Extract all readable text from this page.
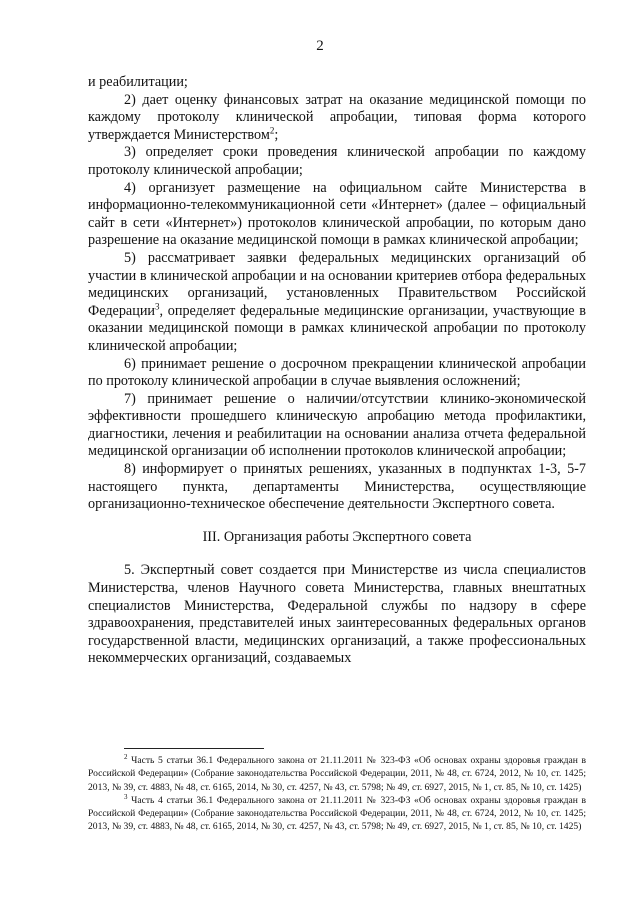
2

и реабилитации;

2) дает оценку финансовых затрат на оказание медицинской помощи по каждому протоколу клинической апробации, типовая форма которого утверждается Министерством$^2$;

3) определяет сроки проведения клинической апробации по каждому протоколу клинической апробации;

4) организует размещение на официальном сайте Министерства в информационно-телекоммуникационной сети «Интернет» (далее – официальный сайт в сети «Интернет») протоколов клинической апробации, по которым дано разрешение на оказание медицинской помощи в рамках клинической апробации;

5) рассматривает заявки федеральных медицинских организаций об участии в клинической апробации и на основании критериев отбора федеральных медицинских организаций, установленных Правительством Российской Федерации$^3$, определяет федеральные медицинские организации, участвующие в оказании медицинской помощи в рамках клинической апробации по протоколу клинической апробации;

6) принимает решение о досрочном прекращении клинической апробации по протоколу клинической апробации в случае выявления осложнений;

7) принимает решение о наличии/отсутствии клинико-экономической эффективности прошедшего клиническую апробацию метода профилактики, диагностики, лечения и реабилитации на основании анализа отчета федеральной медицинской организации об исполнении протоколов клинической апробации;

8) информирует о принятых решениях, указанных в подпунктах 1-3, 5-7 настоящего пункта, департаменты Министерства, осуществляющие организационно-техническое обеспечение деятельности Экспертного совета.

III. Организация работы Экспертного совета

5. Экспертный совет создается при Министерстве из числа специалистов Министерства, членов Научного совета Министерства, главных внештатных специалистов Министерства, Федеральной службы по надзору в сфере здравоохранения, представителей иных заинтересованных федеральных органов государственной власти, медицинских организаций, а также профессиональных некоммерческих организаций, создаваемых

$^2$ Часть 5 статьи 36.1 Федерального закона от 21.11.2011 № 323-ФЗ «Об основах охраны здоровья граждан в Российской Федерации» (Собрание законодательства Российской Федерации, 2011, № 48, ст. 6724, 2012, № 10, ст. 1425; 2013, № 39, ст. 4883, № 48, ст. 6165, 2014, № 30, ст. 4257, № 43, ст. 5798; № 49, ст. 6927, 2015, № 1, ст. 85, № 10, ст. 1425)

$^3$ Часть 4 статьи 36.1 Федерального закона от 21.11.2011 № 323-ФЗ «Об основах охраны здоровья граждан в Российской Федерации» (Собрание законодательства Российской Федерации, 2011, № 48, ст. 6724, 2012, № 10, ст. 1425; 2013, № 39, ст. 4883, № 48, ст. 6165, 2014, № 30, ст. 4257, № 43, ст. 5798; № 49, ст. 6927, 2015, № 1, ст. 85, № 10, ст. 1425)
